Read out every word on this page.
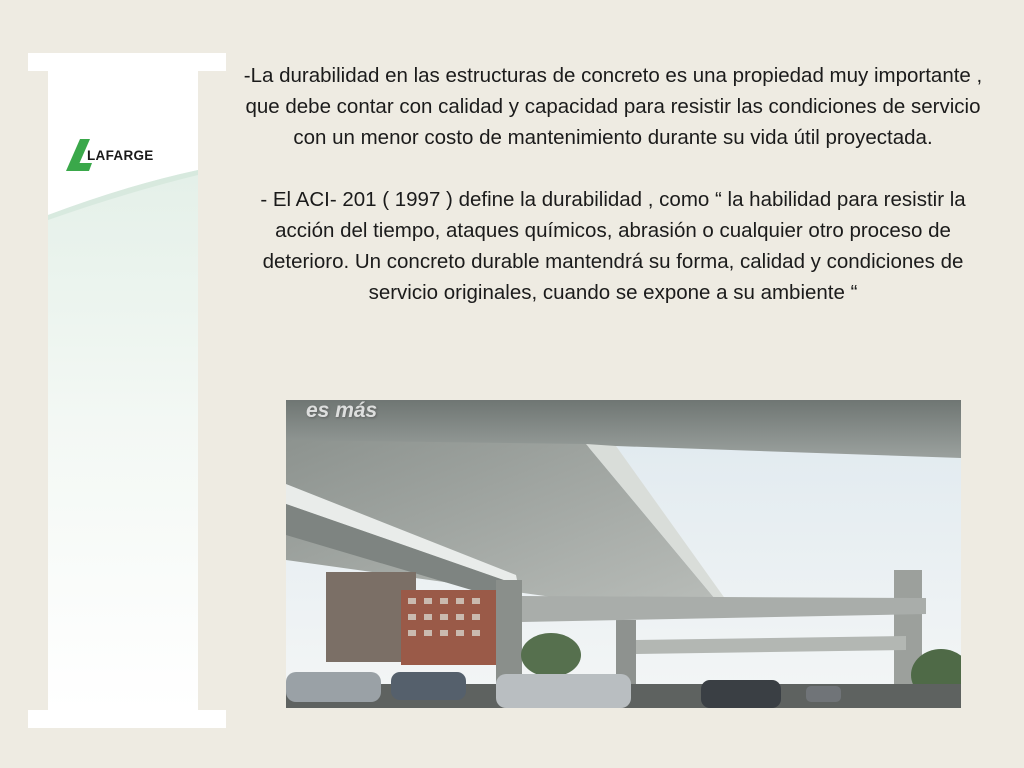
LAFARGE

-La durabilidad en las estructuras de concreto es una propiedad muy importante , que debe contar con calidad y capacidad para resistir las condiciones de servicio con un menor costo de mantenimiento durante su vida útil proyectada.

- El ACI- 201 ( 1997 ) define la durabilidad , como “ la habilidad para resistir la acción del tiempo, ataques químicos, abrasión o cualquier otro proceso de deterioro. Un concreto durable mantendrá su forma, calidad y condiciones de servicio originales, cuando se expone a su ambiente “

es más
